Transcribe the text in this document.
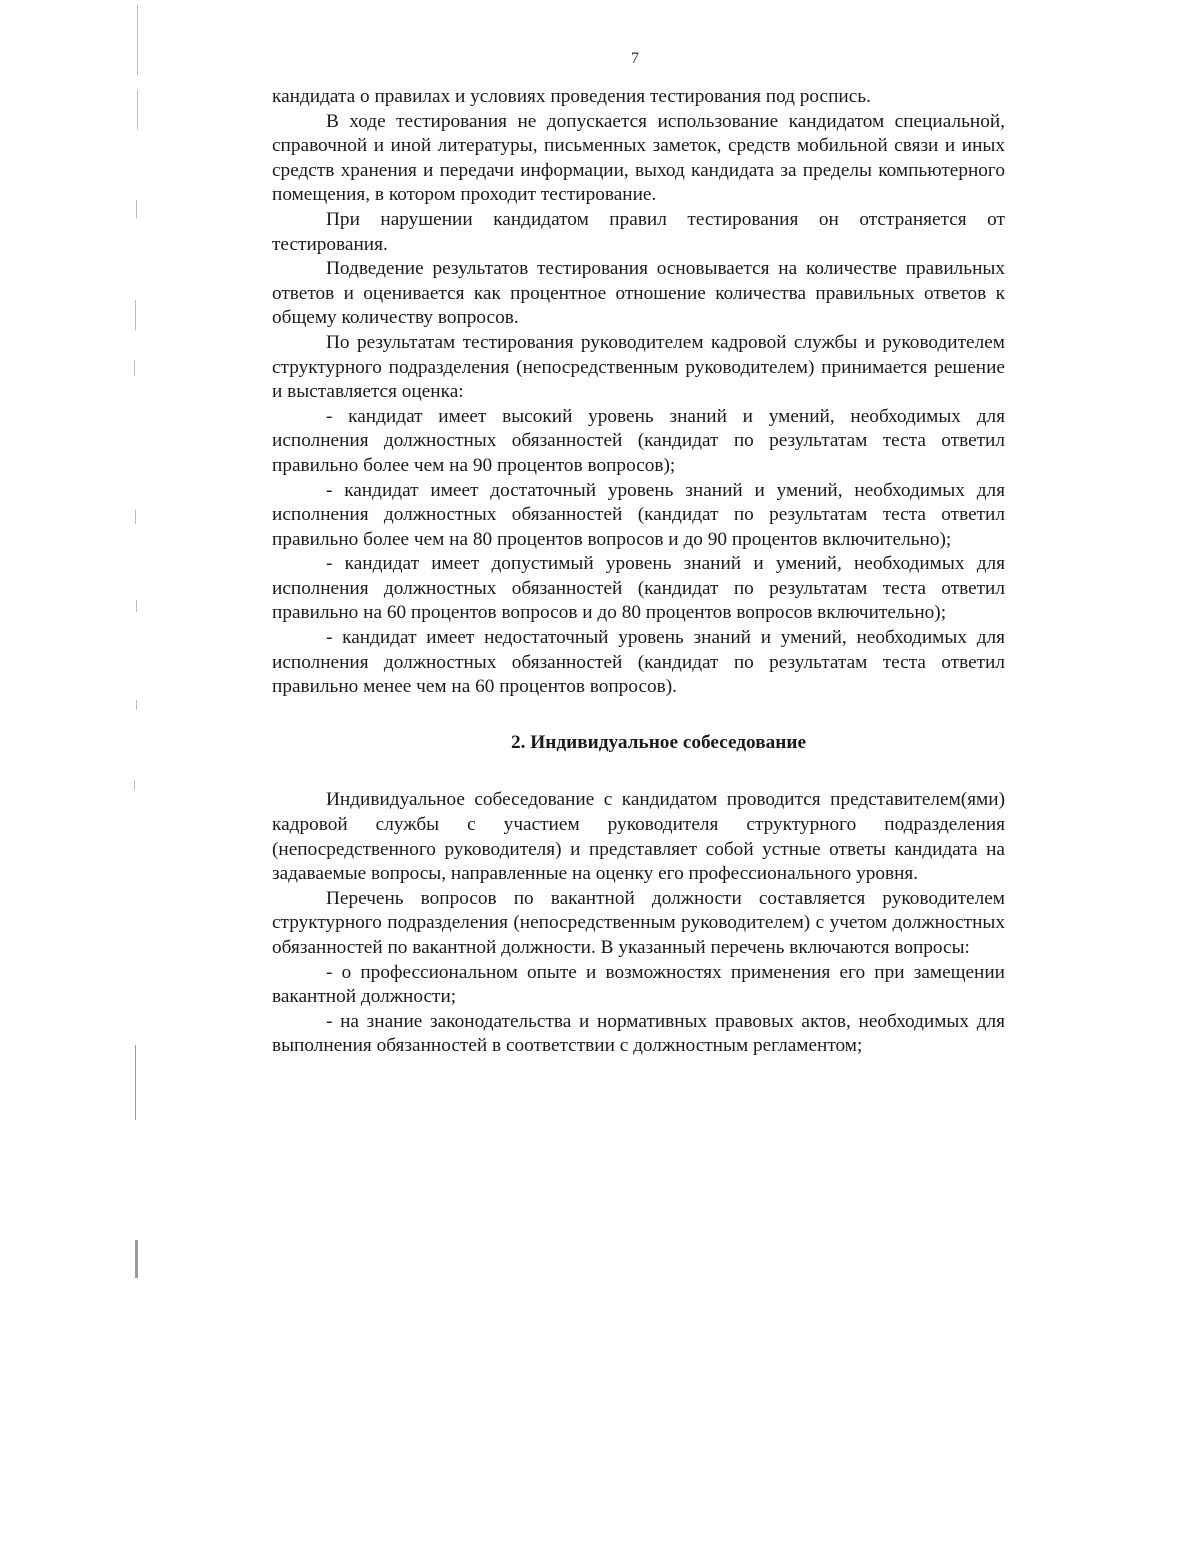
7

кандидата о правилах и условиях проведения тестирования под роспись.

В ходе тестирования не допускается использование кандидатом специальной, справочной и иной литературы, письменных заметок, средств мобильной связи и иных средств хранения и передачи информации, выход кандидата за пределы компьютерного помещения, в котором проходит тестирование.

При нарушении кандидатом правил тестирования он отстраняется от тестирования.

Подведение результатов тестирования основывается на количестве правильных ответов и оценивается как процентное отношение количества правильных ответов к общему количеству вопросов.

По результатам тестирования руководителем кадровой службы и руководителем структурного подразделения (непосредственным руководителем) принимается решение и выставляется оценка:

- кандидат имеет высокий уровень знаний и умений, необходимых для исполнения должностных обязанностей (кандидат по результатам теста ответил правильно более чем на 90 процентов вопросов);

- кандидат имеет достаточный уровень знаний и умений, необходимых для исполнения должностных обязанностей (кандидат по результатам теста ответил правильно более чем на 80 процентов вопросов и до 90 процентов включительно);

- кандидат имеет допустимый уровень знаний и умений, необходимых для исполнения должностных обязанностей (кандидат по результатам теста ответил правильно на 60 процентов вопросов и до 80 процентов вопросов включительно);

- кандидат имеет недостаточный уровень знаний и умений, необходимых для исполнения должностных обязанностей (кандидат по результатам теста ответил правильно менее чем на 60 процентов вопросов).

2. Индивидуальное собеседование

Индивидуальное собеседование с кандидатом проводится представителем(ями) кадровой службы с участием руководителя структурного подразделения (непосредственного руководителя) и представляет собой устные ответы кандидата на задаваемые вопросы, направленные на оценку его профессионального уровня.

Перечень вопросов по вакантной должности составляется руководителем структурного подразделения (непосредственным руководителем) с учетом должностных обязанностей по вакантной должности. В указанный перечень включаются вопросы:

- о профессиональном опыте и возможностях применения его при замещении вакантной должности;

- на знание законодательства и нормативных правовых актов, необходимых для выполнения обязанностей в соответствии с должностным регламентом;
